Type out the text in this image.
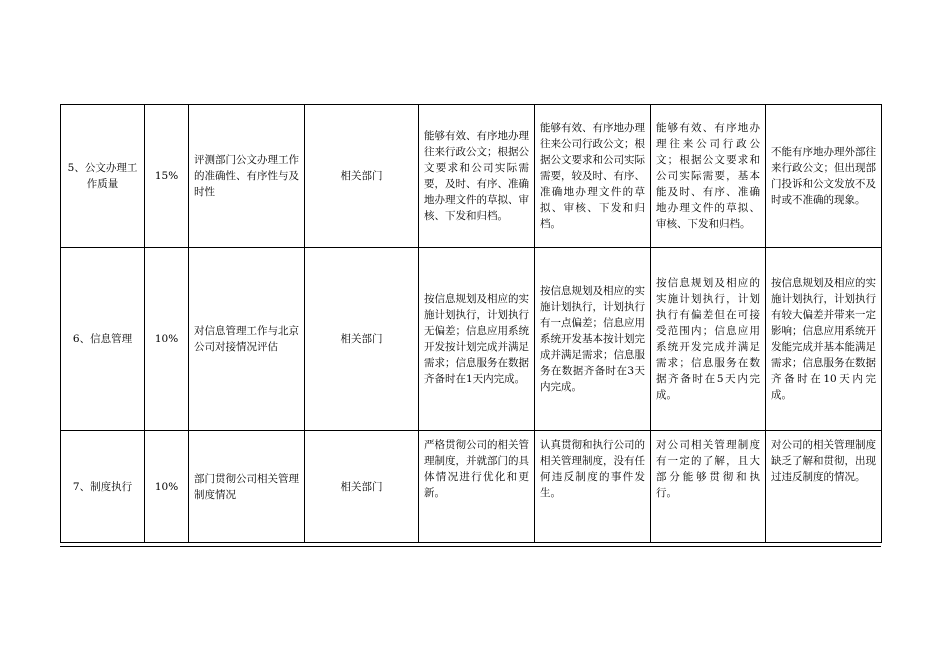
5、公文办理工作质量	15%	评测部门公文办理工作的准确性、有序性与及时性	相关部门	能够有效、有序地办理往来行政公文；根据公文要求和公司实际需要，及时、有序、准确地办理文件的草拟、审核、下发和归档。	能够有效、有序地办理往来公司行政公文；根据公文要求和公司实际需要，较及时、有序、准确地办理文件的草拟、审核、下发和归档。	能够有效、有序地办理往来公司行政公文；根据公文要求和公司实际需要，基本能及时、有序、准确地办理文件的草拟、审核、下发和归档。	不能有序地办理外部往来行政公文；但出现部门投诉和公文发放不及时或不准确的现象。
6、信息管理	10%	对信息管理工作与北京公司对接情况评估	相关部门	按信息规划及相应的实施计划执行，计划执行无偏差；信息应用系统开发按计划完成并满足需求；信息服务在数据齐备时在1天内完成。	按信息规划及相应的实施计划执行，计划执行有一点偏差；信息应用系统开发基本按计划完成并满足需求；信息服务在数据齐备时在3天内完成。	按信息规划及相应的实施计划执行，计划执行有偏差但在可接受范围内；信息应用系统开发完成并满足需求；信息服务在数据齐备时在5天内完成。	按信息规划及相应的实施计划执行，计划执行有较大偏差并带来一定影响；信息应用系统开发能完成并基本能满足需求；信息服务在数据齐备时在10天内完成。
7、制度执行	10%	部门贯彻公司相关管理制度情况	相关部门	严格贯彻公司的相关管理制度，并就部门的具体情况进行优化和更新。	认真贯彻和执行公司的相关管理制度，没有任何违反制度的事件发生。	对公司相关管理制度有一定的了解，且大部分能够贯彻和执行。	对公司的相关管理制度缺乏了解和贯彻，出现过违反制度的情况。
